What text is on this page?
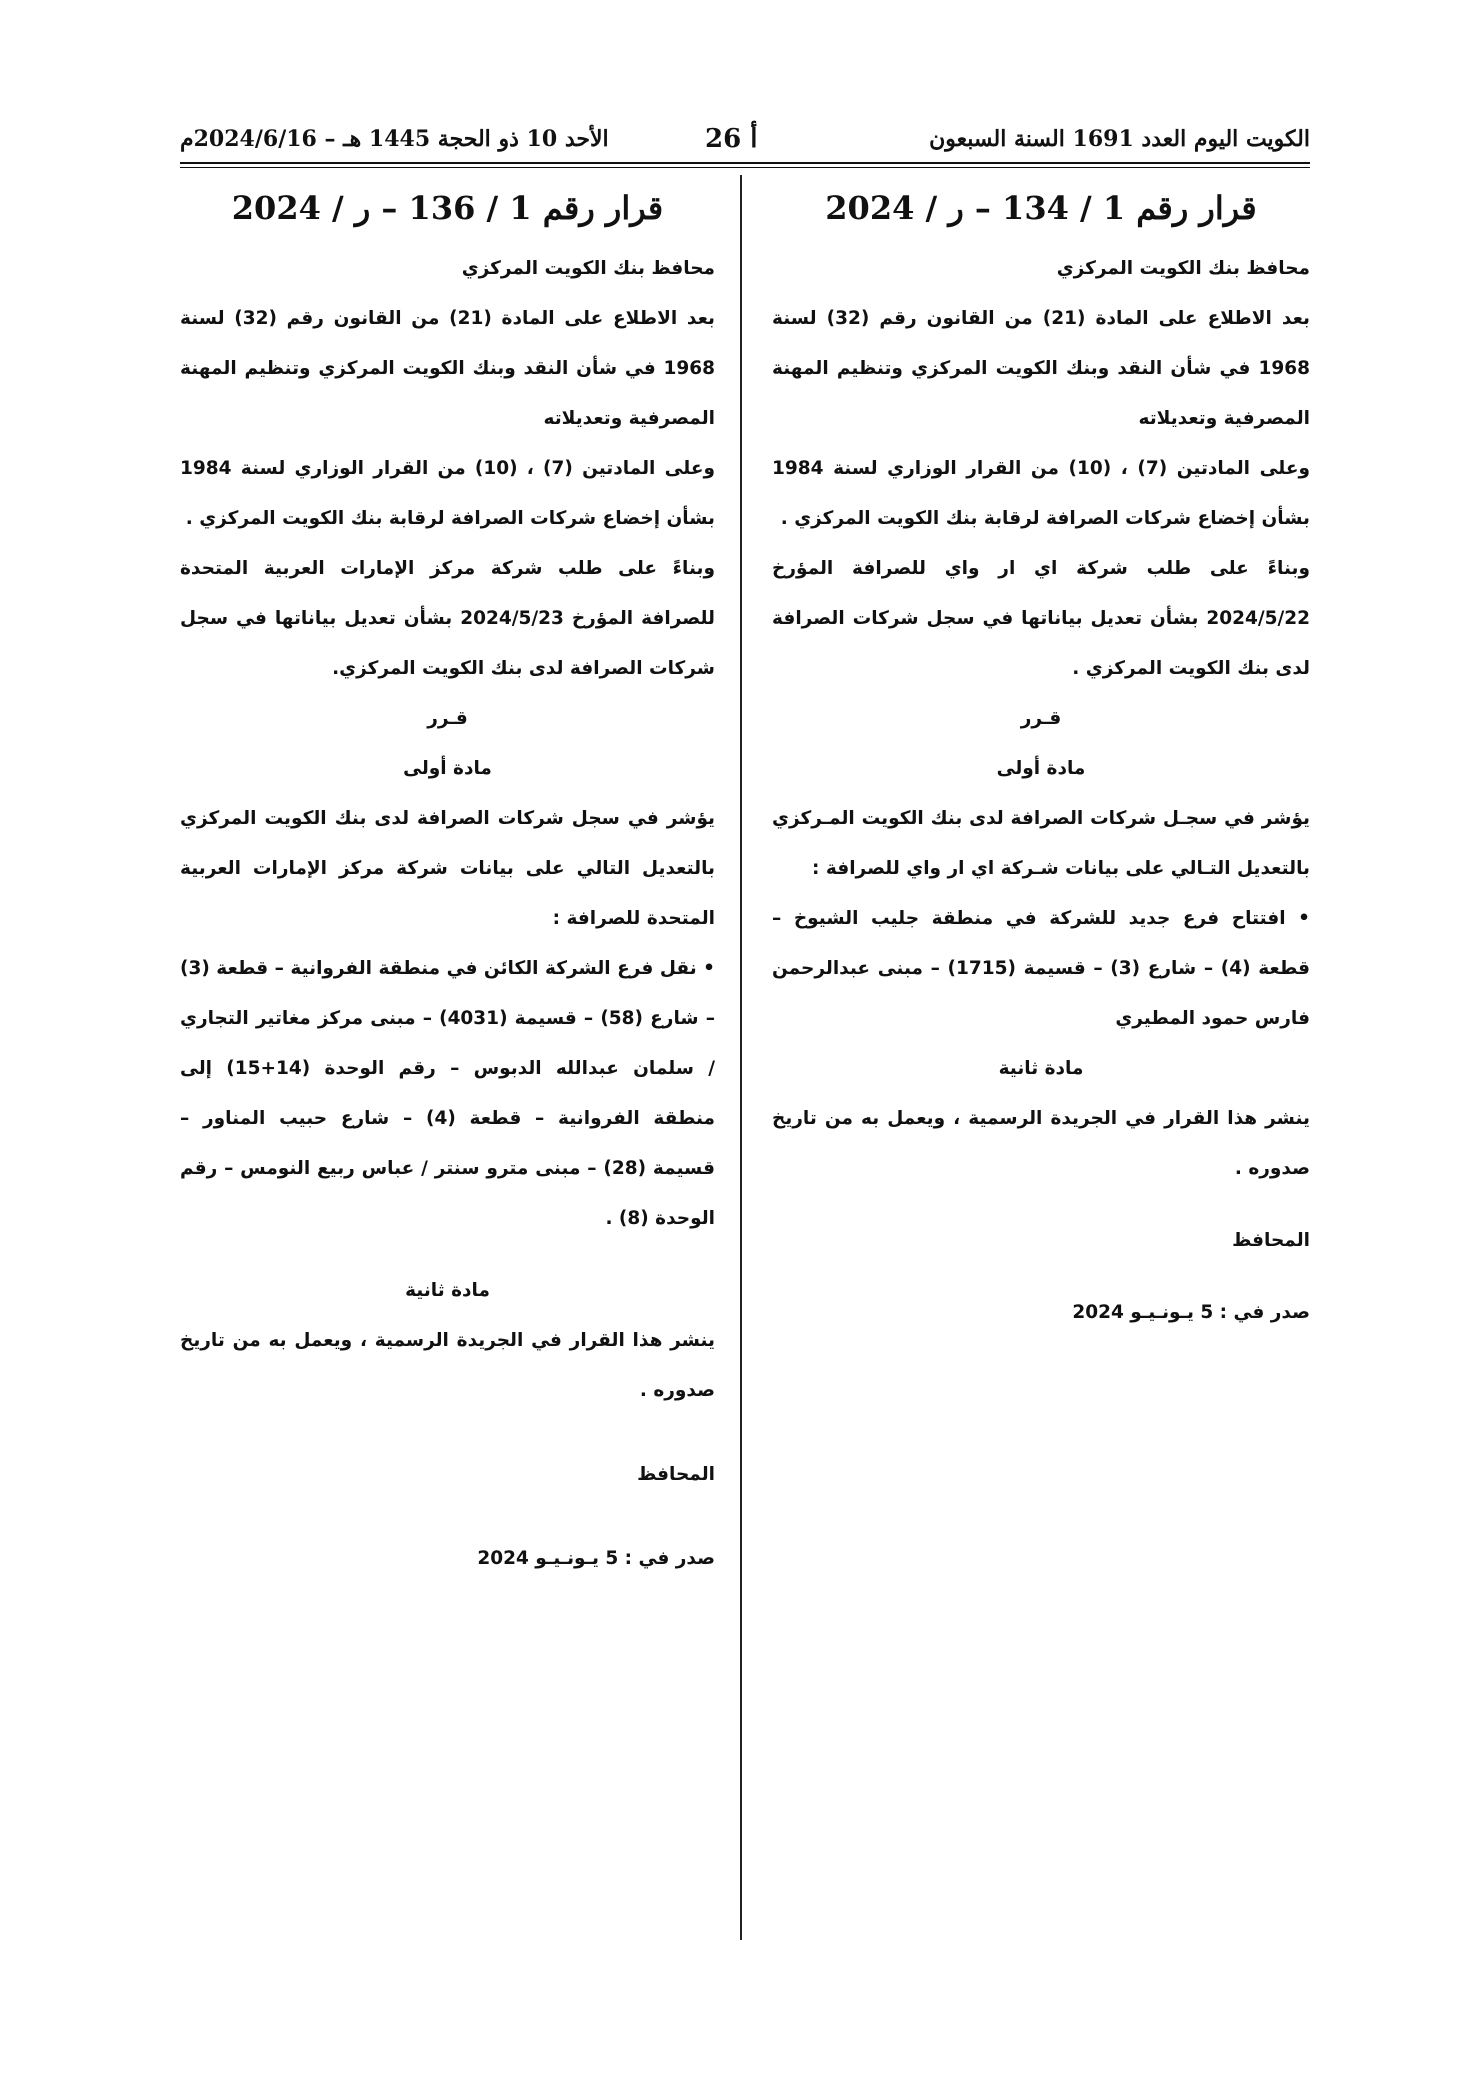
الكويت اليوم العدد 1691 السنة السبعون
أ 26
الأحد 10 ذو الحجة 1445 هـ – 2024/6/16م
قرار رقم 1 / 134 – ر / 2024

محافظ بنك الكويت المركزي

بعد الاطلاع على المادة (21) من القانون رقم (32) لسنة 1968 في شأن النقد وبنك الكويت المركزي وتنظيم المهنة المصرفية وتعديلاته

وعلى المادتين (7) ، (10) من القرار الوزاري لسنة 1984 بشأن إخضاع شركات الصرافة لرقابة بنك الكويت المركزي .

وبناءً على طلب شركة اي ار واي للصرافة المؤرخ 2024/5/22 بشأن تعديل بياناتها في سجل شركات الصرافة لدى بنك الكويت المركزي .

قـرر

مادة أولى

يؤشر في سجـل شركات الصرافة لدى بنك الكويت المـركزي بالتعديل التـالي على بيانات شـركة اي ار واي للصرافة :

• افتتاح فرع جديد للشركة في منطقة جليب الشيوخ – قطعة (4) – شارع (3) – قسيمة (1715) – مبنى عبدالرحمن فارس حمود المطيري

مادة ثانية

ينشر هذا القرار في الجريدة الرسمية ، ويعمل به من تاريخ صدوره .

المحافظ

صدر في : 5 يـونـيـو 2024

قرار رقم 1 / 136 – ر / 2024

محافظ بنك الكويت المركزي

بعد الاطلاع على المادة (21) من القانون رقم (32) لسنة 1968 في شأن النقد وبنك الكويت المركزي وتنظيم المهنة المصرفية وتعديلاته

وعلى المادتين (7) ، (10) من القرار الوزاري لسنة 1984 بشأن إخضاع شركات الصرافة لرقابة بنك الكويت المركزي .

وبناءً على طلب شركة مركز الإمارات العربية المتحدة للصرافة المؤرخ 2024/5/23 بشأن تعديل بياناتها في سجل شركات الصرافة لدى بنك الكويت المركزي.

قـرر

مادة أولى

يؤشر في سجل شركات الصرافة لدى بنك الكويت المركزي بالتعديل التالي على بيانات شركة مركز الإمارات العربية المتحدة للصرافة :

• نقل فرع الشركة الكائن في منطقة الفروانية – قطعة (3) – شارع (58) – قسيمة (4031) – مبنى مركز مغاتير التجاري / سلمان عبدالله الدبوس – رقم الوحدة (14+15) إلى منطقة الفروانية – قطعة (4) – شارع حبيب المناور – قسيمة (28) – مبنى مترو سنتر / عباس ربيع النومس – رقم الوحدة (8) .

مادة ثانية

ينشر هذا القرار في الجريدة الرسمية ، ويعمل به من تاريخ صدوره .

المحافظ

صدر في : 5 يـونـيـو 2024
